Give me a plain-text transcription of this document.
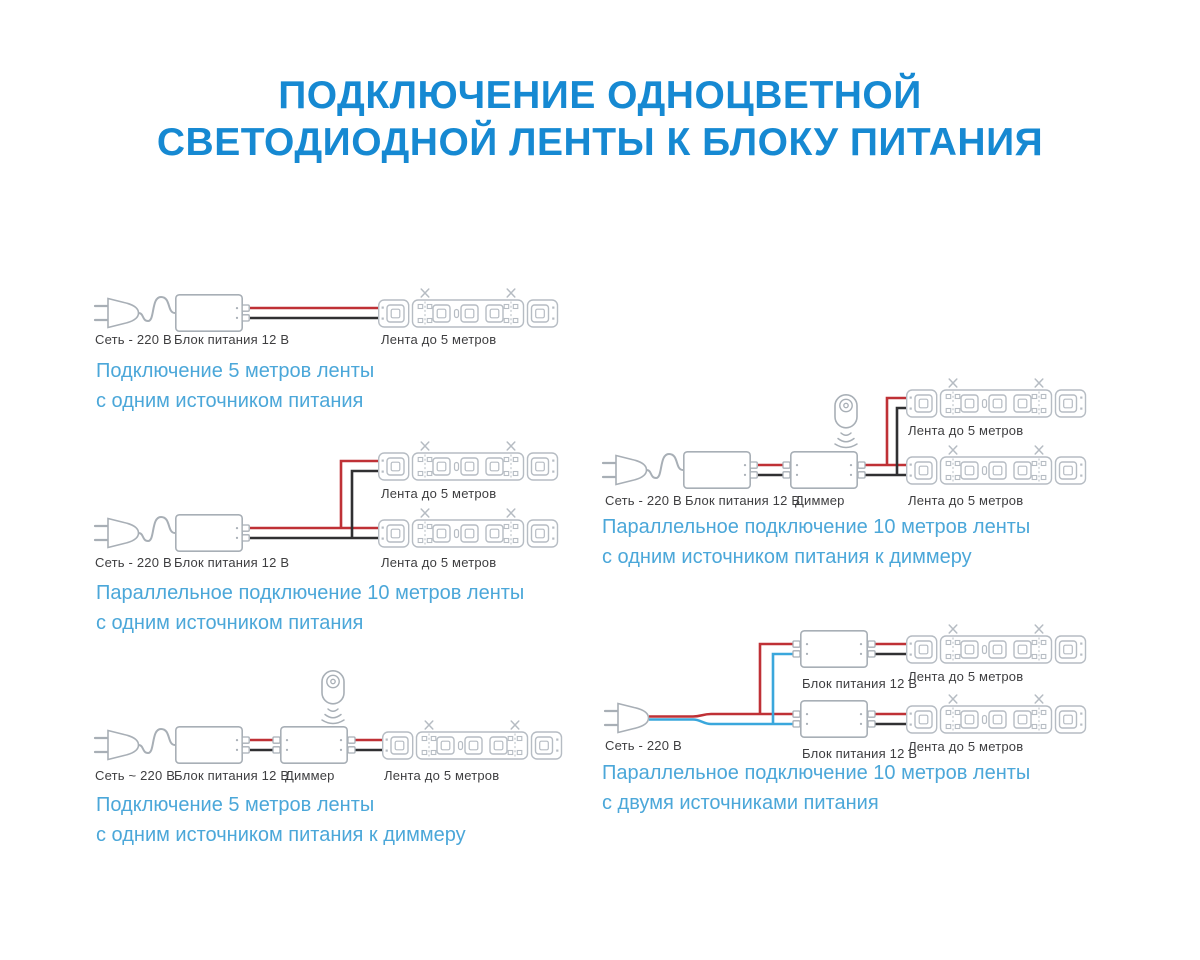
ПОДКЛЮЧЕНИЕ ОДНОЦВЕТНОЙ
СВЕТОДИОДНОЙ ЛЕНТЫ К БЛОКУ ПИТАНИЯ
Сеть - 220 В Блок питания 12 В	Лента до 5 метров
Подключение 5 метров ленты
с одним источником питания
Лента до 5 метров
Сеть - 220 В Блок питания 12 В	Лента до 5 метров
Параллельное подключение 10 метров ленты
с одним источником питания
Сеть ~ 220 В
Блок питания 12 В
Диммер	Лента до 5 метров
Подключение 5 метров ленты
с одним источником питания к диммеру
Лента до 5 метров
Сеть - 220 В Блок питания 12 В
Диммер	Лента до 5 метров
Параллельное подключение 10 метров ленты
с одним источником питания к диммеру
Лента до 5 метров
Блок питания 12 В
Сеть - 220 В	Лента до 5 метров
Блок питания 12 В
Параллельное подключение 10 метров ленты
с двумя источниками питания
